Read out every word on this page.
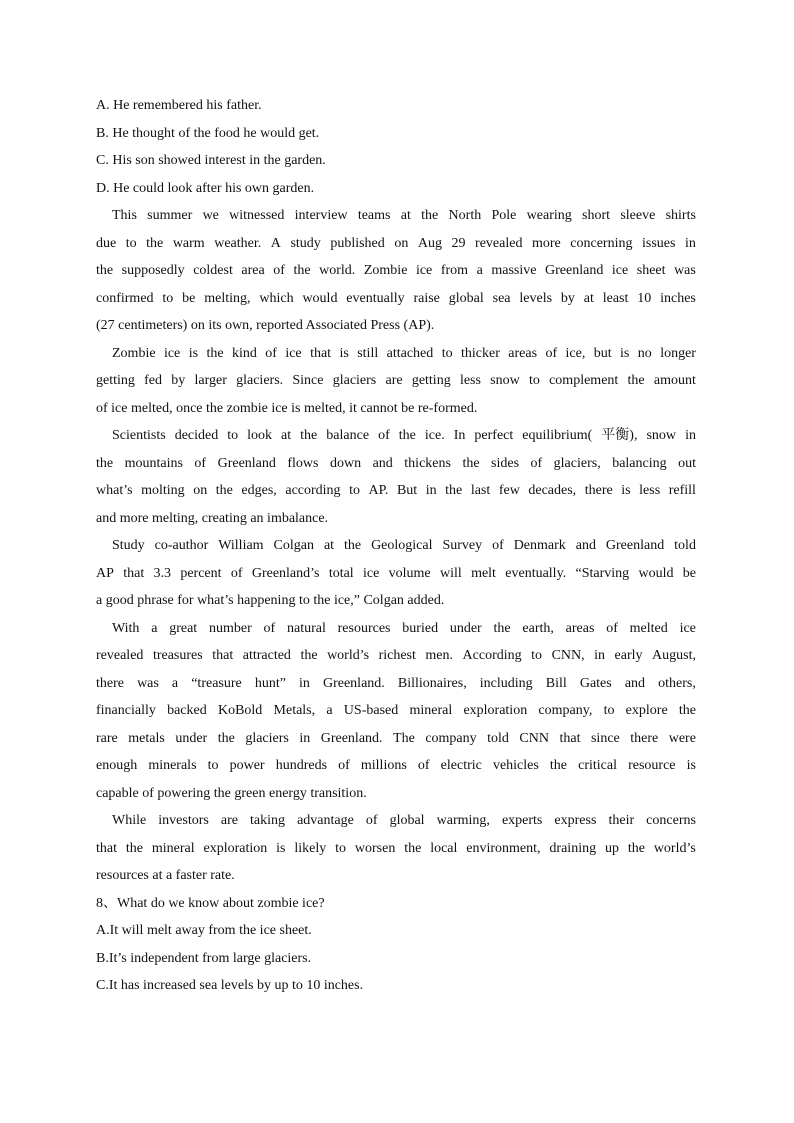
A. He remembered his father.
B. He thought of the food he would get.
C. His son showed interest in the garden.
D. He could look after his own garden.
This summer we witnessed interview teams at the North Pole wearing short sleeve shirts
due to the warm weather. A study published on Aug 29 revealed more concerning issues in
the supposedly coldest area of the world. Zombie ice from a massive Greenland ice sheet was
confirmed to be melting, which would eventually raise global sea levels by at least 10 inches
(27 centimeters) on its own, reported Associated Press (AP).
Zombie ice is the kind of ice that is still attached to thicker areas of ice, but is no longer
getting fed by larger glaciers. Since glaciers are getting less snow to complement the amount
of ice melted, once the zombie ice is melted, it cannot be re-formed.
Scientists decided to look at the balance of the ice. In perfect equilibrium( 平衡), snow in
the mountains of Greenland flows down and thickens the sides of glaciers, balancing out
what’s molting on the edges, according to AP. But in the last few decades, there is less refill
and more melting, creating an imbalance.
Study co-author William Colgan at the Geological Survey of Denmark and Greenland told
AP that 3.3 percent of Greenland’s total ice volume will melt eventually. “Starving would be
a good phrase for what’s happening to the ice,” Colgan added.
With a great number of natural resources buried under the earth, areas of melted ice
revealed treasures that attracted the world’s richest men. According to CNN, in early August,
there was a “treasure hunt” in Greenland. Billionaires, including Bill Gates and others,
financially backed KoBold Metals, a US-based mineral exploration company, to explore the
rare metals under the glaciers in Greenland. The company told CNN that since there were
enough minerals to power hundreds of millions of electric vehicles the critical resource is
capable of powering the green energy transition.
While investors are taking advantage of global warming, experts express their concerns
that the mineral exploration is likely to worsen the local environment, draining up the world’s
resources at a faster rate.
8、What do we know about zombie ice?
A.It will melt away from the ice sheet.
B.It’s independent from large glaciers.
C.It has increased sea levels by up to 10 inches.
